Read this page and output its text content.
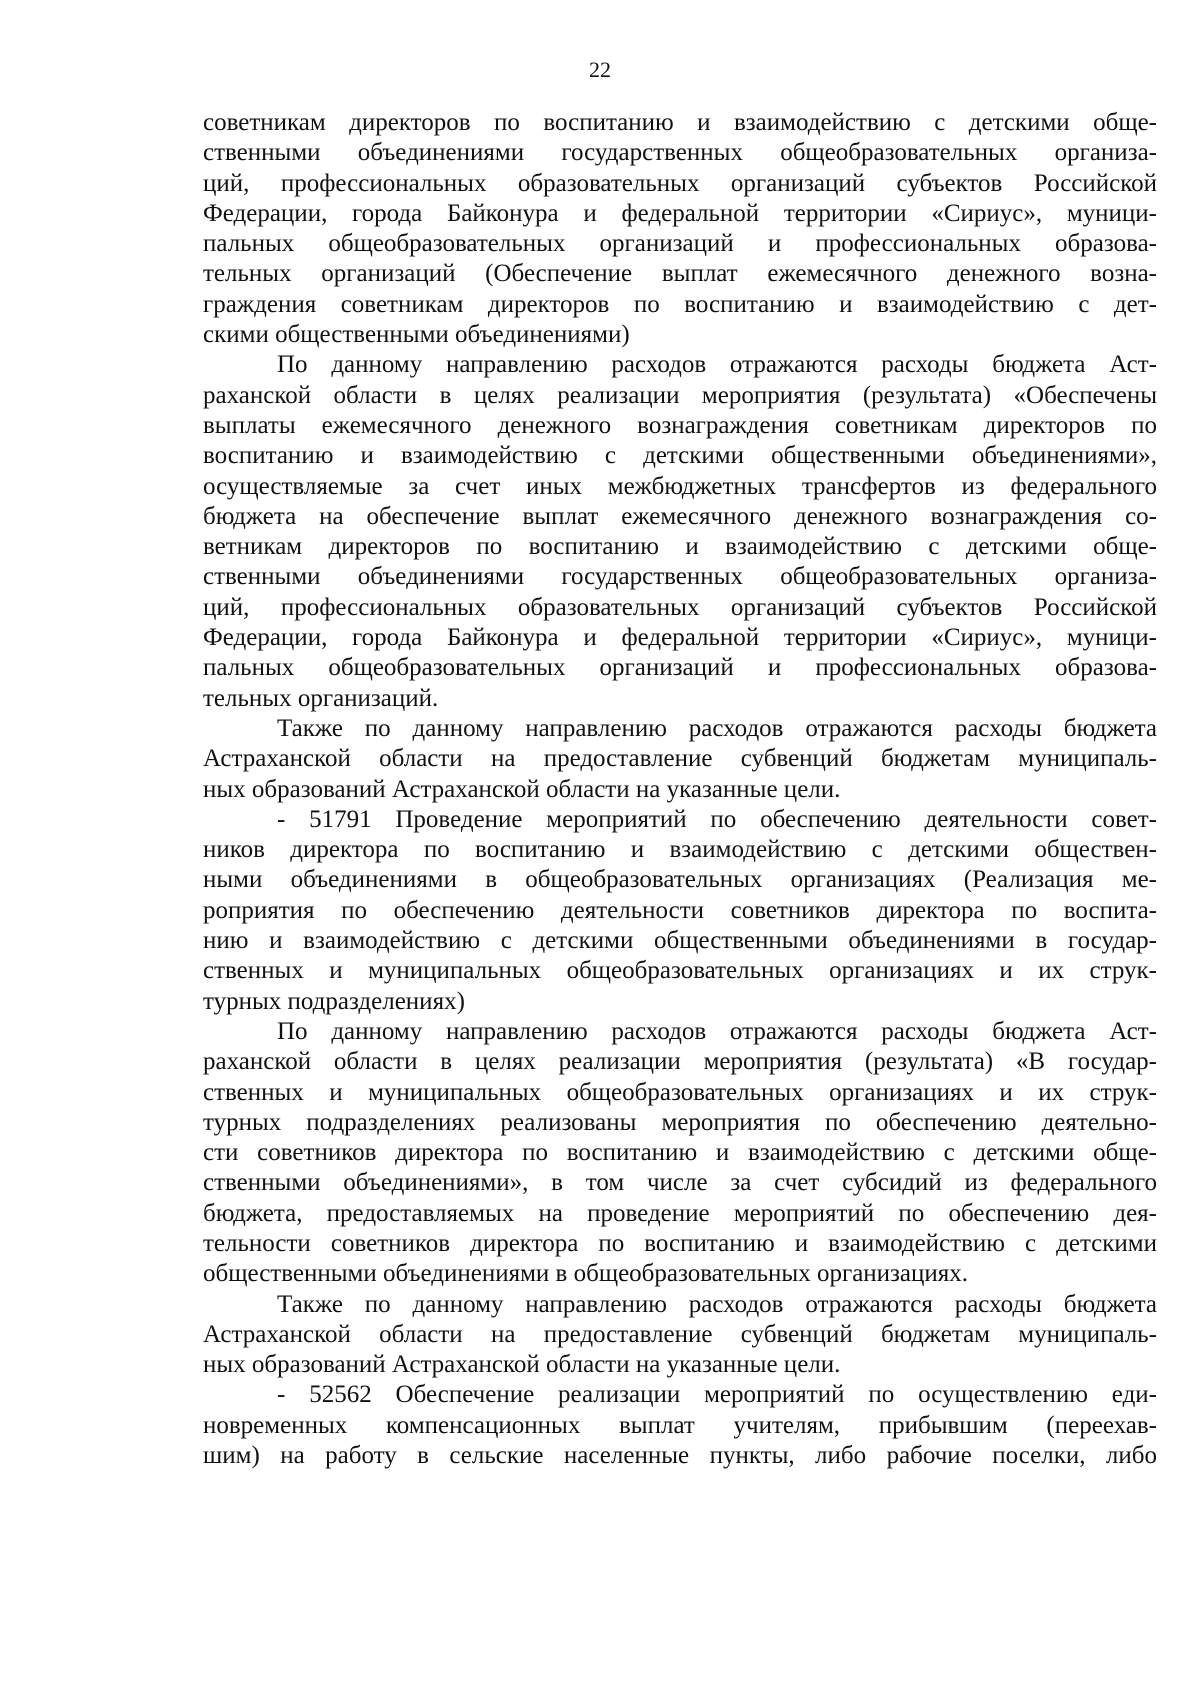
22
советникам директоров по воспитанию и взаимодействию с детскими обще-
ственными объединениями государственных общеобразовательных организа-
ций, профессиональных образовательных организаций субъектов Российской
Федерации, города Байконура и федеральной территории «Сириус», муници-
пальных общеобразовательных организаций и профессиональных образова-
тельных организаций (Обеспечение выплат ежемесячного денежного возна-
граждения советникам директоров по воспитанию и взаимодействию с дет-
скими общественными объединениями)
По данному направлению расходов отражаются расходы бюджета Аст-
раханской области в целях реализации мероприятия (результата) «Обеспечены
выплаты ежемесячного денежного вознаграждения советникам директоров по
воспитанию и взаимодействию с детскими общественными объединениями»,
осуществляемые за счет иных межбюджетных трансфертов из федерального
бюджета на обеспечение выплат ежемесячного денежного вознаграждения со-
ветникам директоров по воспитанию и взаимодействию с детскими обще-
ственными объединениями государственных общеобразовательных организа-
ций, профессиональных образовательных организаций субъектов Российской
Федерации, города Байконура и федеральной территории «Сириус», муници-
пальных общеобразовательных организаций и профессиональных образова-
тельных организаций.
Также по данному направлению расходов отражаются расходы бюджета
Астраханской области на предоставление субвенций бюджетам муниципаль-
ных образований Астраханской области на указанные цели.
- 51791 Проведение мероприятий по обеспечению деятельности совет-
ников директора по воспитанию и взаимодействию с детскими обществен-
ными объединениями в общеобразовательных организациях (Реализация ме-
роприятия по обеспечению деятельности советников директора по воспита-
нию и взаимодействию с детскими общественными объединениями в государ-
ственных и муниципальных общеобразовательных организациях и их струк-
турных подразделениях)
По данному направлению расходов отражаются расходы бюджета Аст-
раханской области в целях реализации мероприятия (результата) «В государ-
ственных и муниципальных общеобразовательных организациях и их струк-
турных подразделениях реализованы мероприятия по обеспечению деятельно-
сти советников директора по воспитанию и взаимодействию с детскими обще-
ственными объединениями», в том числе за счет субсидий из федерального
бюджета, предоставляемых на проведение мероприятий по обеспечению дея-
тельности советников директора по воспитанию и взаимодействию с детскими
общественными объединениями в общеобразовательных организациях.
Также по данному направлению расходов отражаются расходы бюджета
Астраханской области на предоставление субвенций бюджетам муниципаль-
ных образований Астраханской области на указанные цели.
- 52562 Обеспечение реализации мероприятий по осуществлению еди-
новременных компенсационных выплат учителям, прибывшим (переехав-
шим) на работу в сельские населенные пункты, либо рабочие поселки, либо
